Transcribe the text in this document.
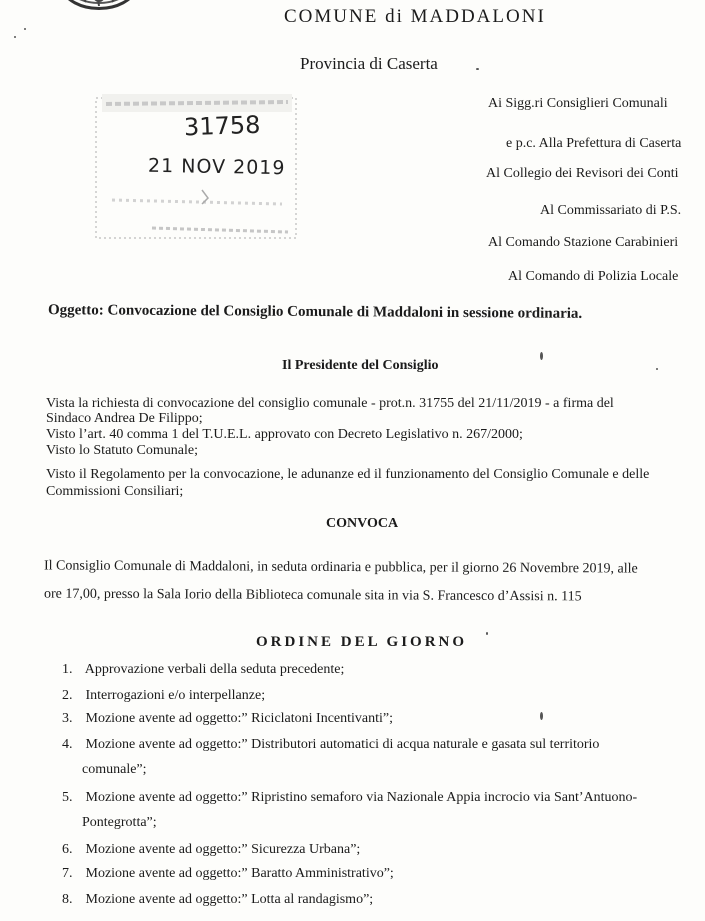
COMUNE di MADDALONI
Provincia di Caserta
31758
21 NOV 2019
Ai Sigg.ri Consiglieri Comunali
e p.c. Alla Prefettura di Caserta
Al Collegio dei Revisori dei Conti
Al Commissariato di P.S.
Al Comando Stazione Carabinieri
Al Comando di Polizia Locale
Oggetto: Convocazione del Consiglio Comunale di Maddaloni in sessione ordinaria.
Il Presidente del Consiglio
Vista la richiesta di convocazione del consiglio comunale - prot.n. 31755 del 21/11/2019 - a firma del
Sindaco Andrea De Filippo;
Visto l’art. 40 comma 1 del T.U.E.L. approvato con Decreto Legislativo n. 267/2000;
Visto lo Statuto Comunale;
Visto il Regolamento per la convocazione, le adunanze ed il funzionamento del Consiglio Comunale e delle
Commissioni Consiliari;
CONVOCA
Il Consiglio Comunale di Maddaloni, in seduta ordinaria e pubblica, per il giorno 26 Novembre 2019, alle
ore 17,00, presso la Sala Iorio della Biblioteca comunale sita in via S. Francesco d’Assisi n. 115
ORDINE DEL GIORNO
1. Approvazione verbali della seduta precedente;
2. Interrogazioni e/o interpellanze;
3. Mozione avente ad oggetto:” Riciclatoni Incentivanti”;
4. Mozione avente ad oggetto:” Distributori automatici di acqua naturale e gasata sul territorio
comunale”;
5. Mozione avente ad oggetto:” Ripristino semaforo via Nazionale Appia incrocio via Sant’Antuono-
Pontegrotta”;
6. Mozione avente ad oggetto:” Sicurezza Urbana”;
7. Mozione avente ad oggetto:” Baratto Amministrativo”;
8. Mozione avente ad oggetto:” Lotta al randagismo”;
